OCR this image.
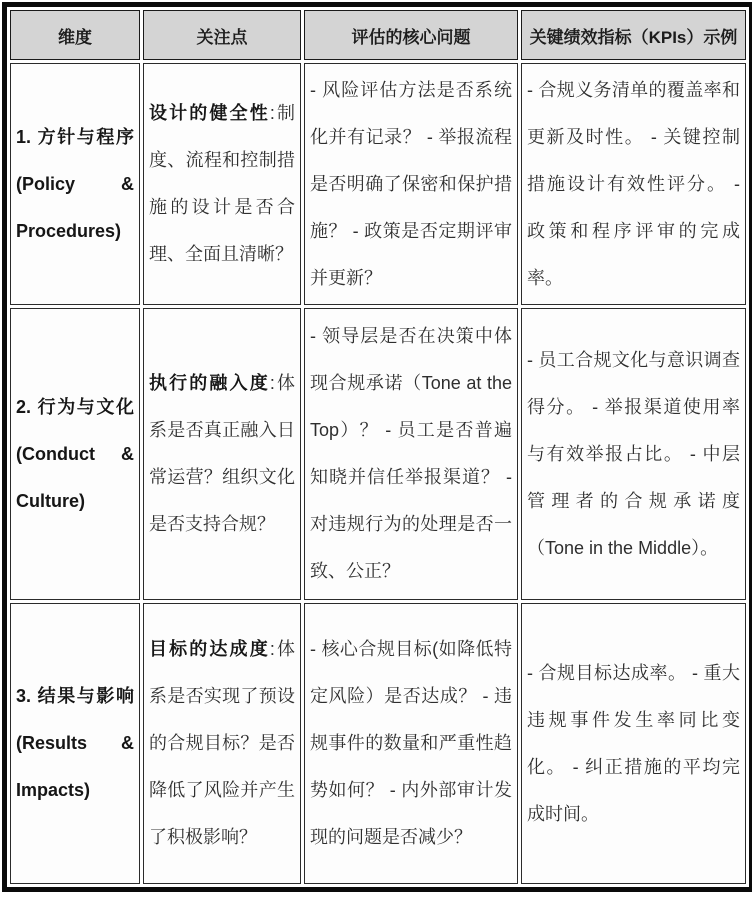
维度	关注点	评估的核心问题	关键绩效指标（KPIs）示例
1. 方针与程序 (Policy & Procedures)	设计的健全性:制度、流程和控制措施的设计是否合理、全面且清晰？	- 风险评估方法是否系统化并有记录？ - 举报流程是否明确了保密和保护措施？ - 政策是否定期评审并更新？	- 合规义务清单的覆盖率和更新及时性。 - 关键控制措施设计有效性评分。 - 政策和程序评审的完成率。
2. 行为与文化 (Conduct & Culture)	执行的融入度:体系是否真正融入日常运营？组织文化是否支持合规？	- 领导层是否在决策中体现合规承诺（Tone at the Top）？ - 员工是否普遍知晓并信任举报渠道？ - 对违规行为的处理是否一致、公正？	- 员工合规文化与意识调查得分。 - 举报渠道使用率与有效举报占比。 - 中层管理者的合规承诺度（Tone in the Middle）。
3. 结果与影响 (Results & Impacts)	目标的达成度:体系是否实现了预设的合规目标？是否降低了风险并产生了积极影响？	- 核心合规目标(如降低特定风险）是否达成？ - 违规事件的数量和严重性趋势如何？ - 内外部审计发现的问题是否减少？	- 合规目标达成率。 - 重大违规事件发生率同比变化。 - 纠正措施的平均完成时间。
